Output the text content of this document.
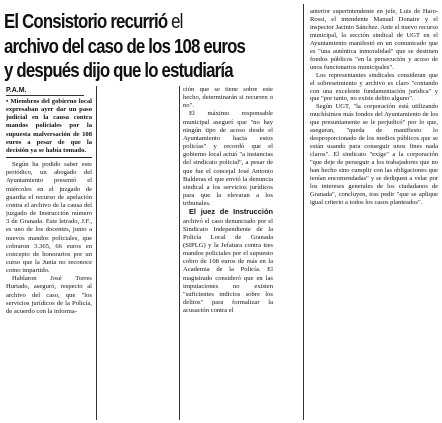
El Consistorio recurrió el
archivo del caso de los 108 euros
y después dijo que lo estudiaría
P.A.M.

• Miembros del gobierno local expresaban ayer dar un paso judicial en la causa contra mandos policiales por la supuesta malversación de 108 euros a pesar de que la decisión ya se había tomado.

Según ha podido saber este periódico, un abogado del Ayuntamiento presentó el miércoles en el juzgado de guardia el recurso de apelación contra el archivo de la causa del juzgado de Instrucción número 3 de Granada. Este letrado, J.F., es uno de los docentes, junto a nuevos mandos policiales, que cobraron 3.365, 66 euros en concepto de honorarios por un curso que la Junta no reconoce como impartido.

Hablaron José Torres Hurtado, aseguró, respecto al archivo del caso, que "los servicios jurídicos de la Policía, de acuerdo con la informa-

ción que se tiene sobre este hecho, determinarán si recurren o no".

El máximo responsable municipal aseguró que "no hay ningún tipo de acoso desde el Ayuntamiento hacia estos policías" y recordó que el gobierno local actuó "a instancias del sindicato policial", a pesar de que fue el concejal José Antonio Balderas el que envió la denuncia sindical a los servicios jurídicos para que la elevaran a los tribunales.

El juez de Instrucción archivó el caso denunciado por el Sindicato Independiente de la Policía Local de Granada (SIPLG) y la Jefatura contra tres mandos policiales por el supuesto cobro de 108 euros de más en la Academia de la Policía. El magistrado consideró que en las imputaciones no existen "suficientes indicios sobre los delitos" para formalizar la acusación contra el

anterior superintendente en jefe, Luis de Haro-Rossi, el intendente Manuel Donaire y el inspector Jacinto Sánchez. Ante el nuevo recurso municipal, la sección sindical de UGT en el Ayuntamiento manifestó en un comunicado que es "una auténtica inmoralidad" que se destinen fondos públicos "en la persecución y acoso de unos funcionarios municipales".

Los representantes sindicales consideran que el sobreseimiento y archivo es claro "contando con una excelente fundamentación jurídica" y que "por tanto, no existe delito alguno".

Según UGT, "la corporación está utilizando muchísimos más fondos del Ayuntamiento de los que presuntamente se le perjudicó" por lo que, aseguran, "queda de manifiesto lo desproporcionado de los medios públicos que se están usando para conseguir unos fines nada claros". El sindicato "exige" a la corporación "que deje de perseguir a los trabajadores que no han hecho sino cumplir con las obligaciones que tenían encomendadas" y se dediquen a velar por los intereses generales de los ciudadanos de Granada", concluyen, tras pedir "que se aplique igual criterio a todos los casos planteados".
